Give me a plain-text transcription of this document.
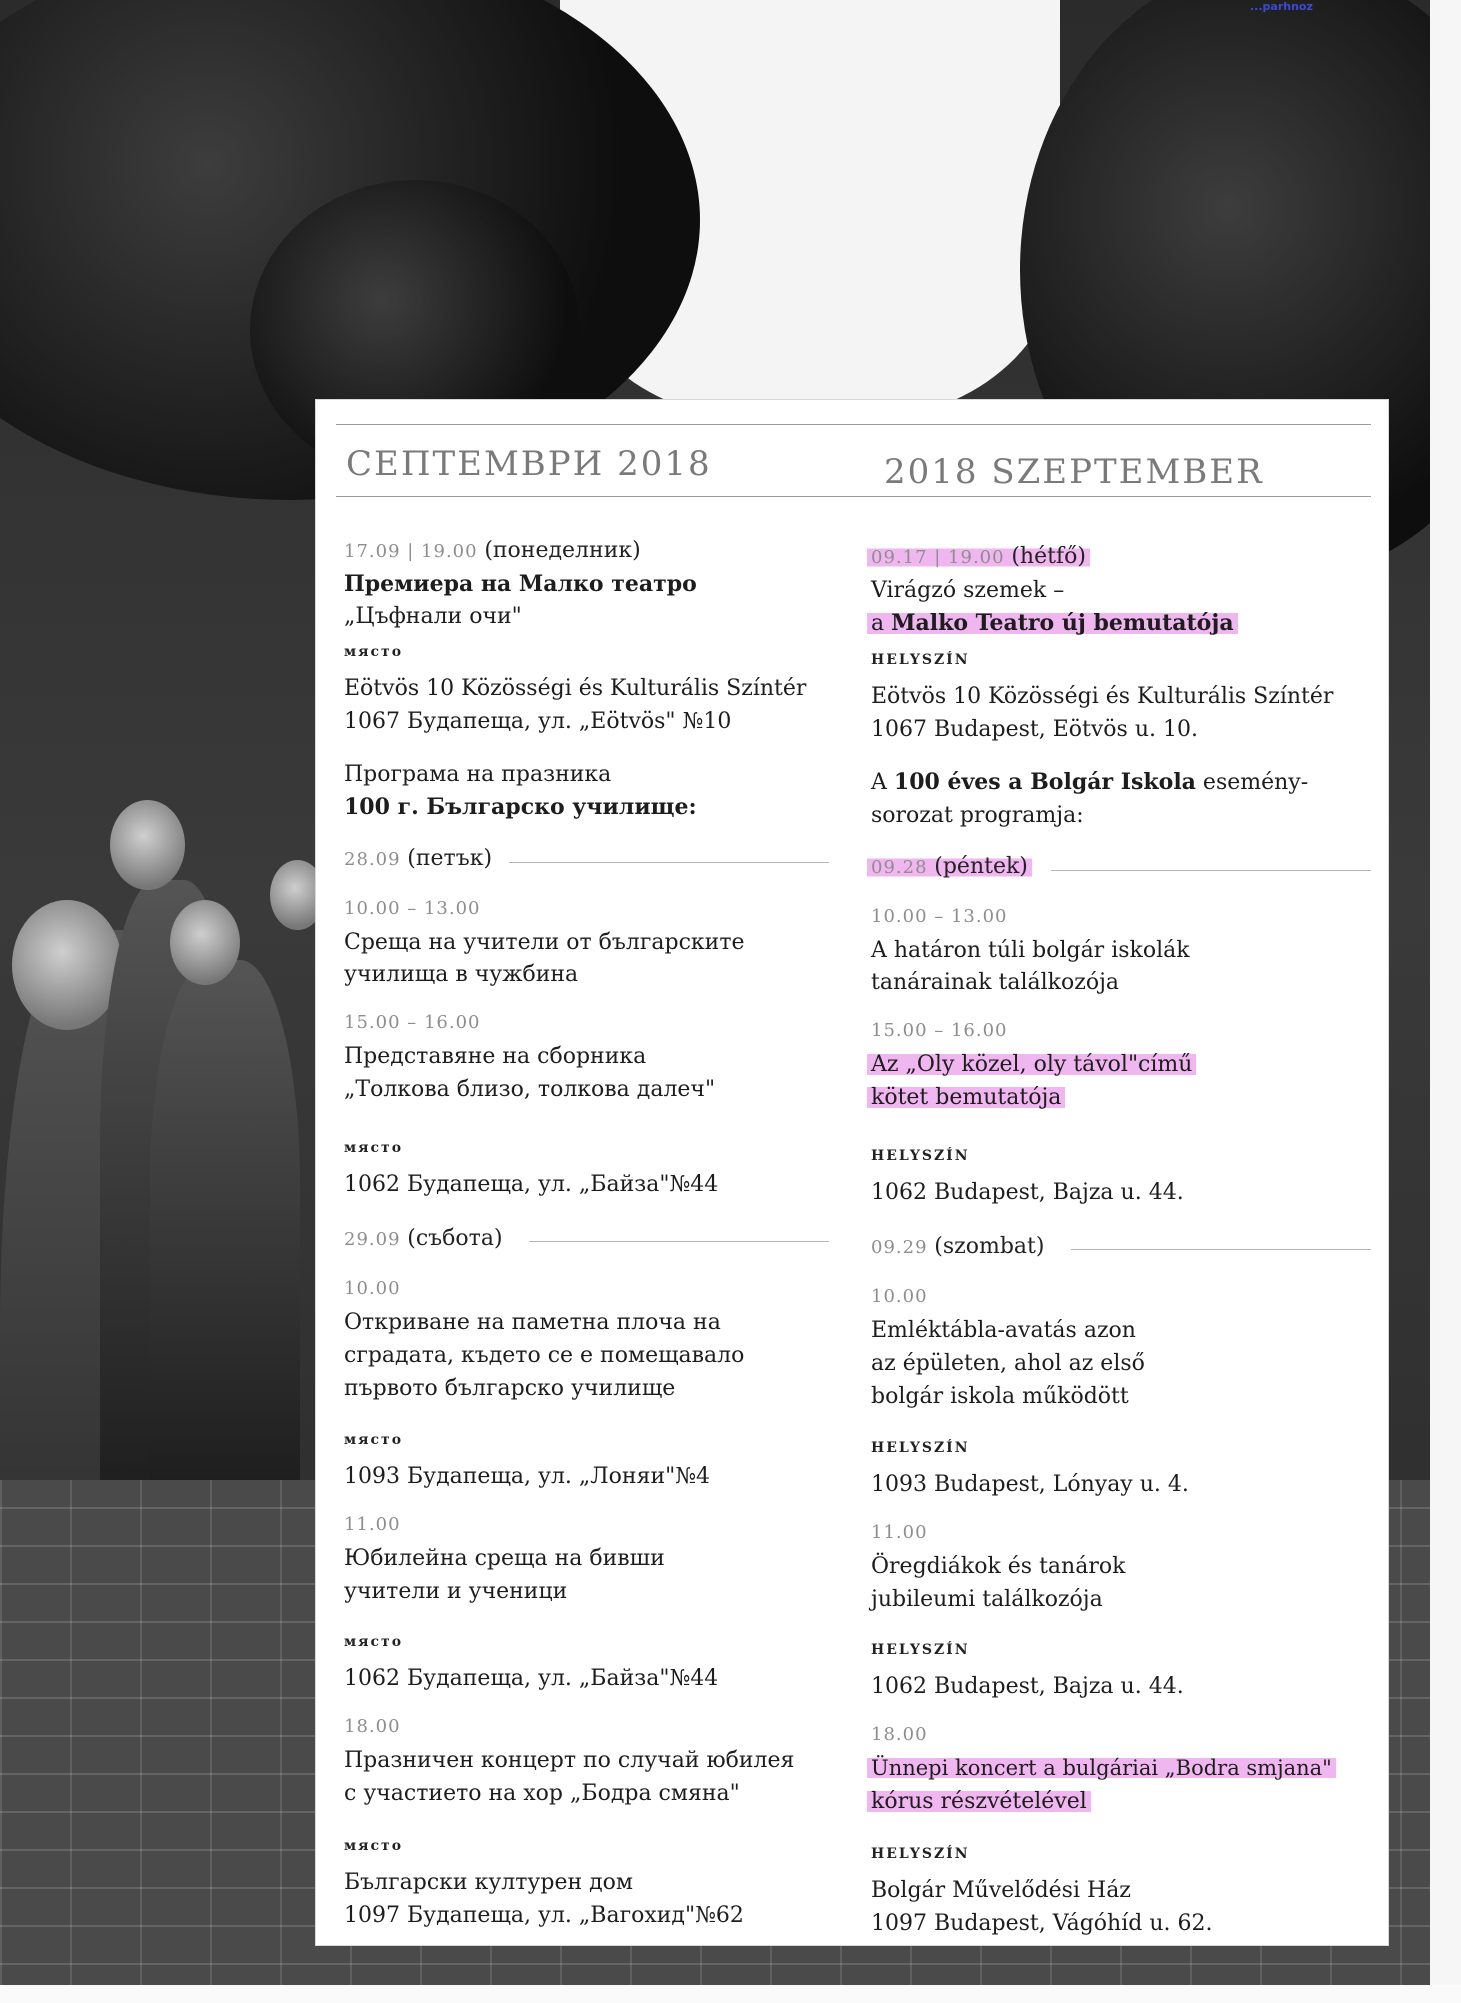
...parhnoz
СЕПТЕМВРИ 2018	2018 SZEPTEMBER
17.09 | 19.00 (понеделник)
Премиера на Малко театро
„Цъфнали очи"
място
Eötvös 10 Közösségi és Kulturális Színtér
1067 Будапеща, ул. „Eötvös" №10
Програма на празника
100 г. Българско училище:
28.09 (петък)
10.00 – 13.00
Среща на учители от българските
училища в чужбина
15.00 – 16.00
Представяне на сборника
„Толкова близо, толкова далеч"
място
1062 Будапеща, ул. „Байза"№44
29.09 (събота)
10.00
Откриване на паметна плоча на
сградата, където се е помещавало
първото българско училище
място
1093 Будапеща, ул. „Лоняи"№4
11.00
Юбилейна среща на бивши
учители и ученици
място
1062 Будапеща, ул. „Байза"№44
18.00
Празничен концерт по случай юбилея
с участието на хор „Бодра смяна"
място
Български културен дом
1097 Будапеща, ул. „Вагохид"№62
09.17 | 19.00 (hétfő)
Virágzó szemek –
a Malko Teatro új bemutatója
HELYSZÍN
Eötvös 10 Közösségi és Kulturális Színtér
1067 Budapest, Eötvös u. 10.
A 100 éves a Bolgár Iskola esemény-
sorozat programja:
09.28 (péntek)
10.00 – 13.00
A határon túli bolgár iskolák
tanárainak találkozója
15.00 – 16.00
Az „Oly közel, oly távol"című
kötet bemutatója
HELYSZÍN
1062 Budapest, Bajza u. 44.
09.29 (szombat)
10.00
Emléktábla-avatás azon
az épületen, ahol az első
bolgár iskola működött
HELYSZÍN
1093 Budapest, Lónyay u. 4.
11.00
Öregdiákok és tanárok
jubileumi találkozója
HELYSZÍN
1062 Budapest, Bajza u. 44.
18.00
Ünnepi koncert a bulgáriai „Bodra smjana"
kórus részvételével
HELYSZÍN
Bolgár Művelődési Ház
1097 Budapest, Vágóhíd u. 62.
